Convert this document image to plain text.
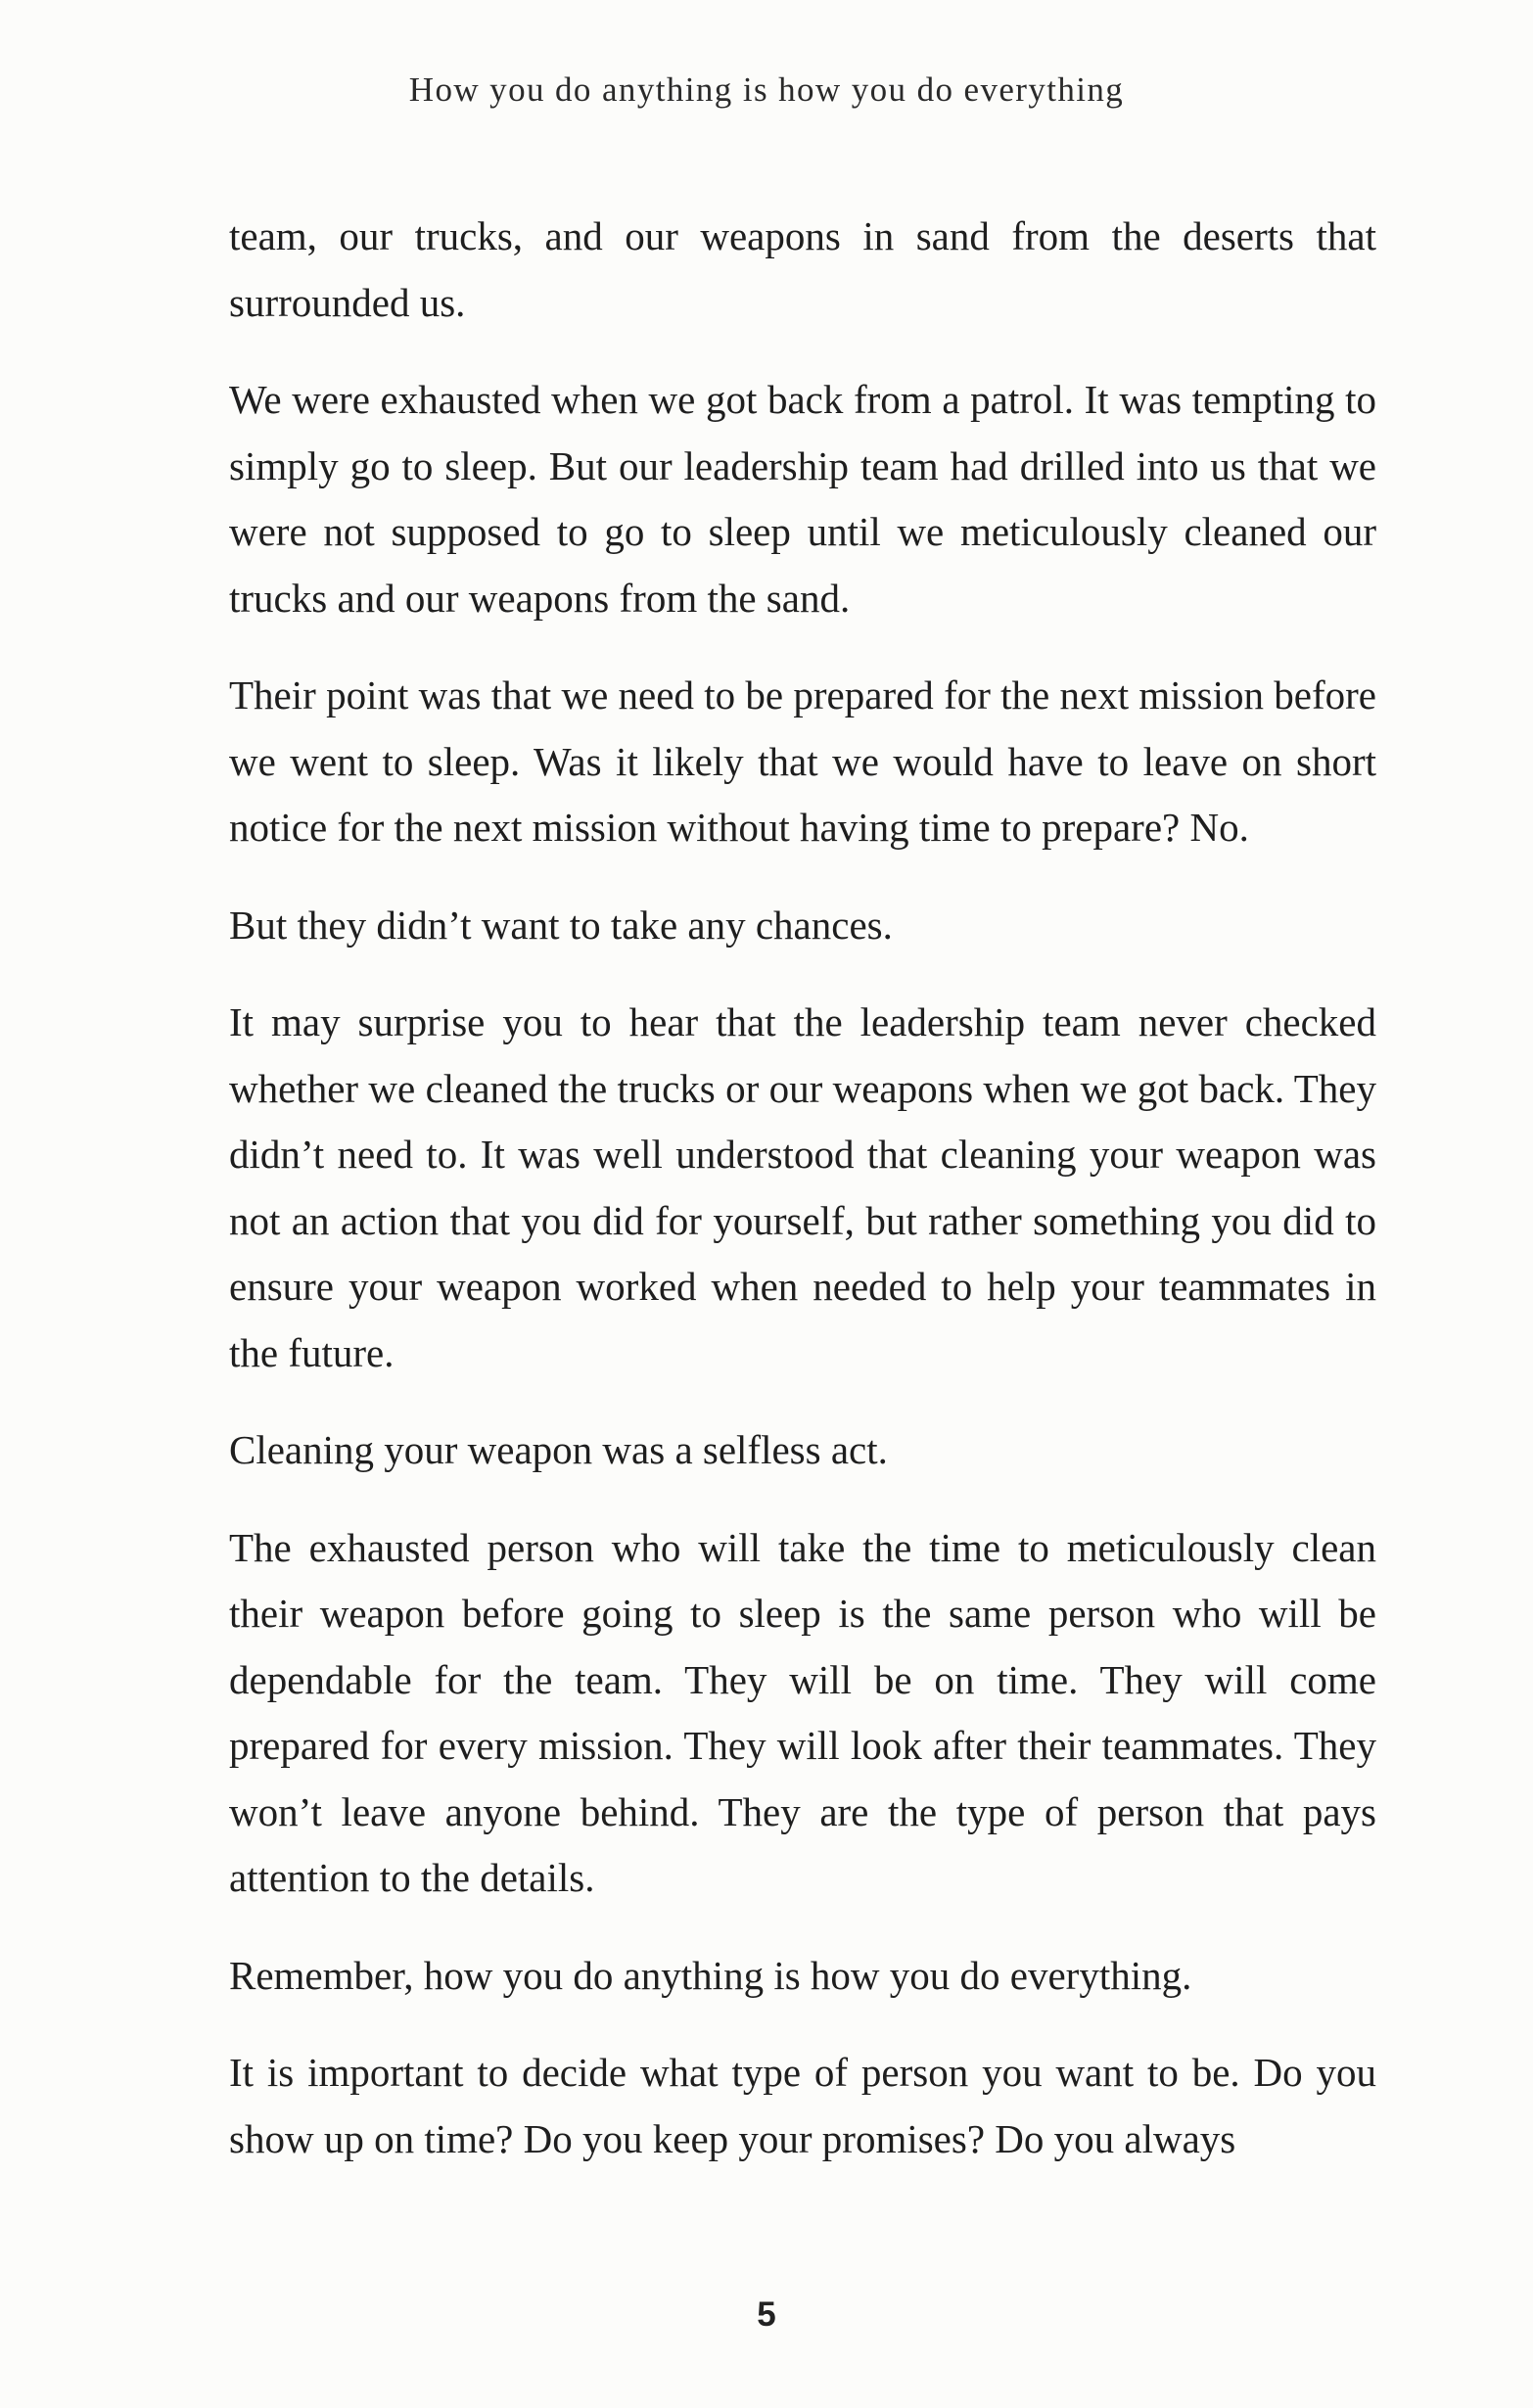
How you do anything is how you do everything

team, our trucks, and our weapons in sand from the deserts that surrounded us.

We were exhausted when we got back from a patrol. It was tempting to simply go to sleep. But our leadership team had drilled into us that we were not supposed to go to sleep until we meticulously cleaned our trucks and our weapons from the sand.

Their point was that we need to be prepared for the next mission before we went to sleep. Was it likely that we would have to leave on short notice for the next mission without having time to prepare? No.

But they didn’t want to take any chances.

It may surprise you to hear that the leadership team never checked whether we cleaned the trucks or our weapons when we got back. They didn’t need to. It was well understood that cleaning your weapon was not an action that you did for yourself, but rather something you did to ensure your weapon worked when needed to help your teammates in the future.

Cleaning your weapon was a selfless act.

The exhausted person who will take the time to meticulously clean their weapon before going to sleep is the same person who will be dependable for the team. They will be on time. They will come prepared for every mission. They will look after their teammates. They won’t leave anyone behind. They are the type of person that pays attention to the details.

Remember, how you do anything is how you do everything.

It is important to decide what type of person you want to be. Do you show up on time? Do you keep your promises? Do you always

5
